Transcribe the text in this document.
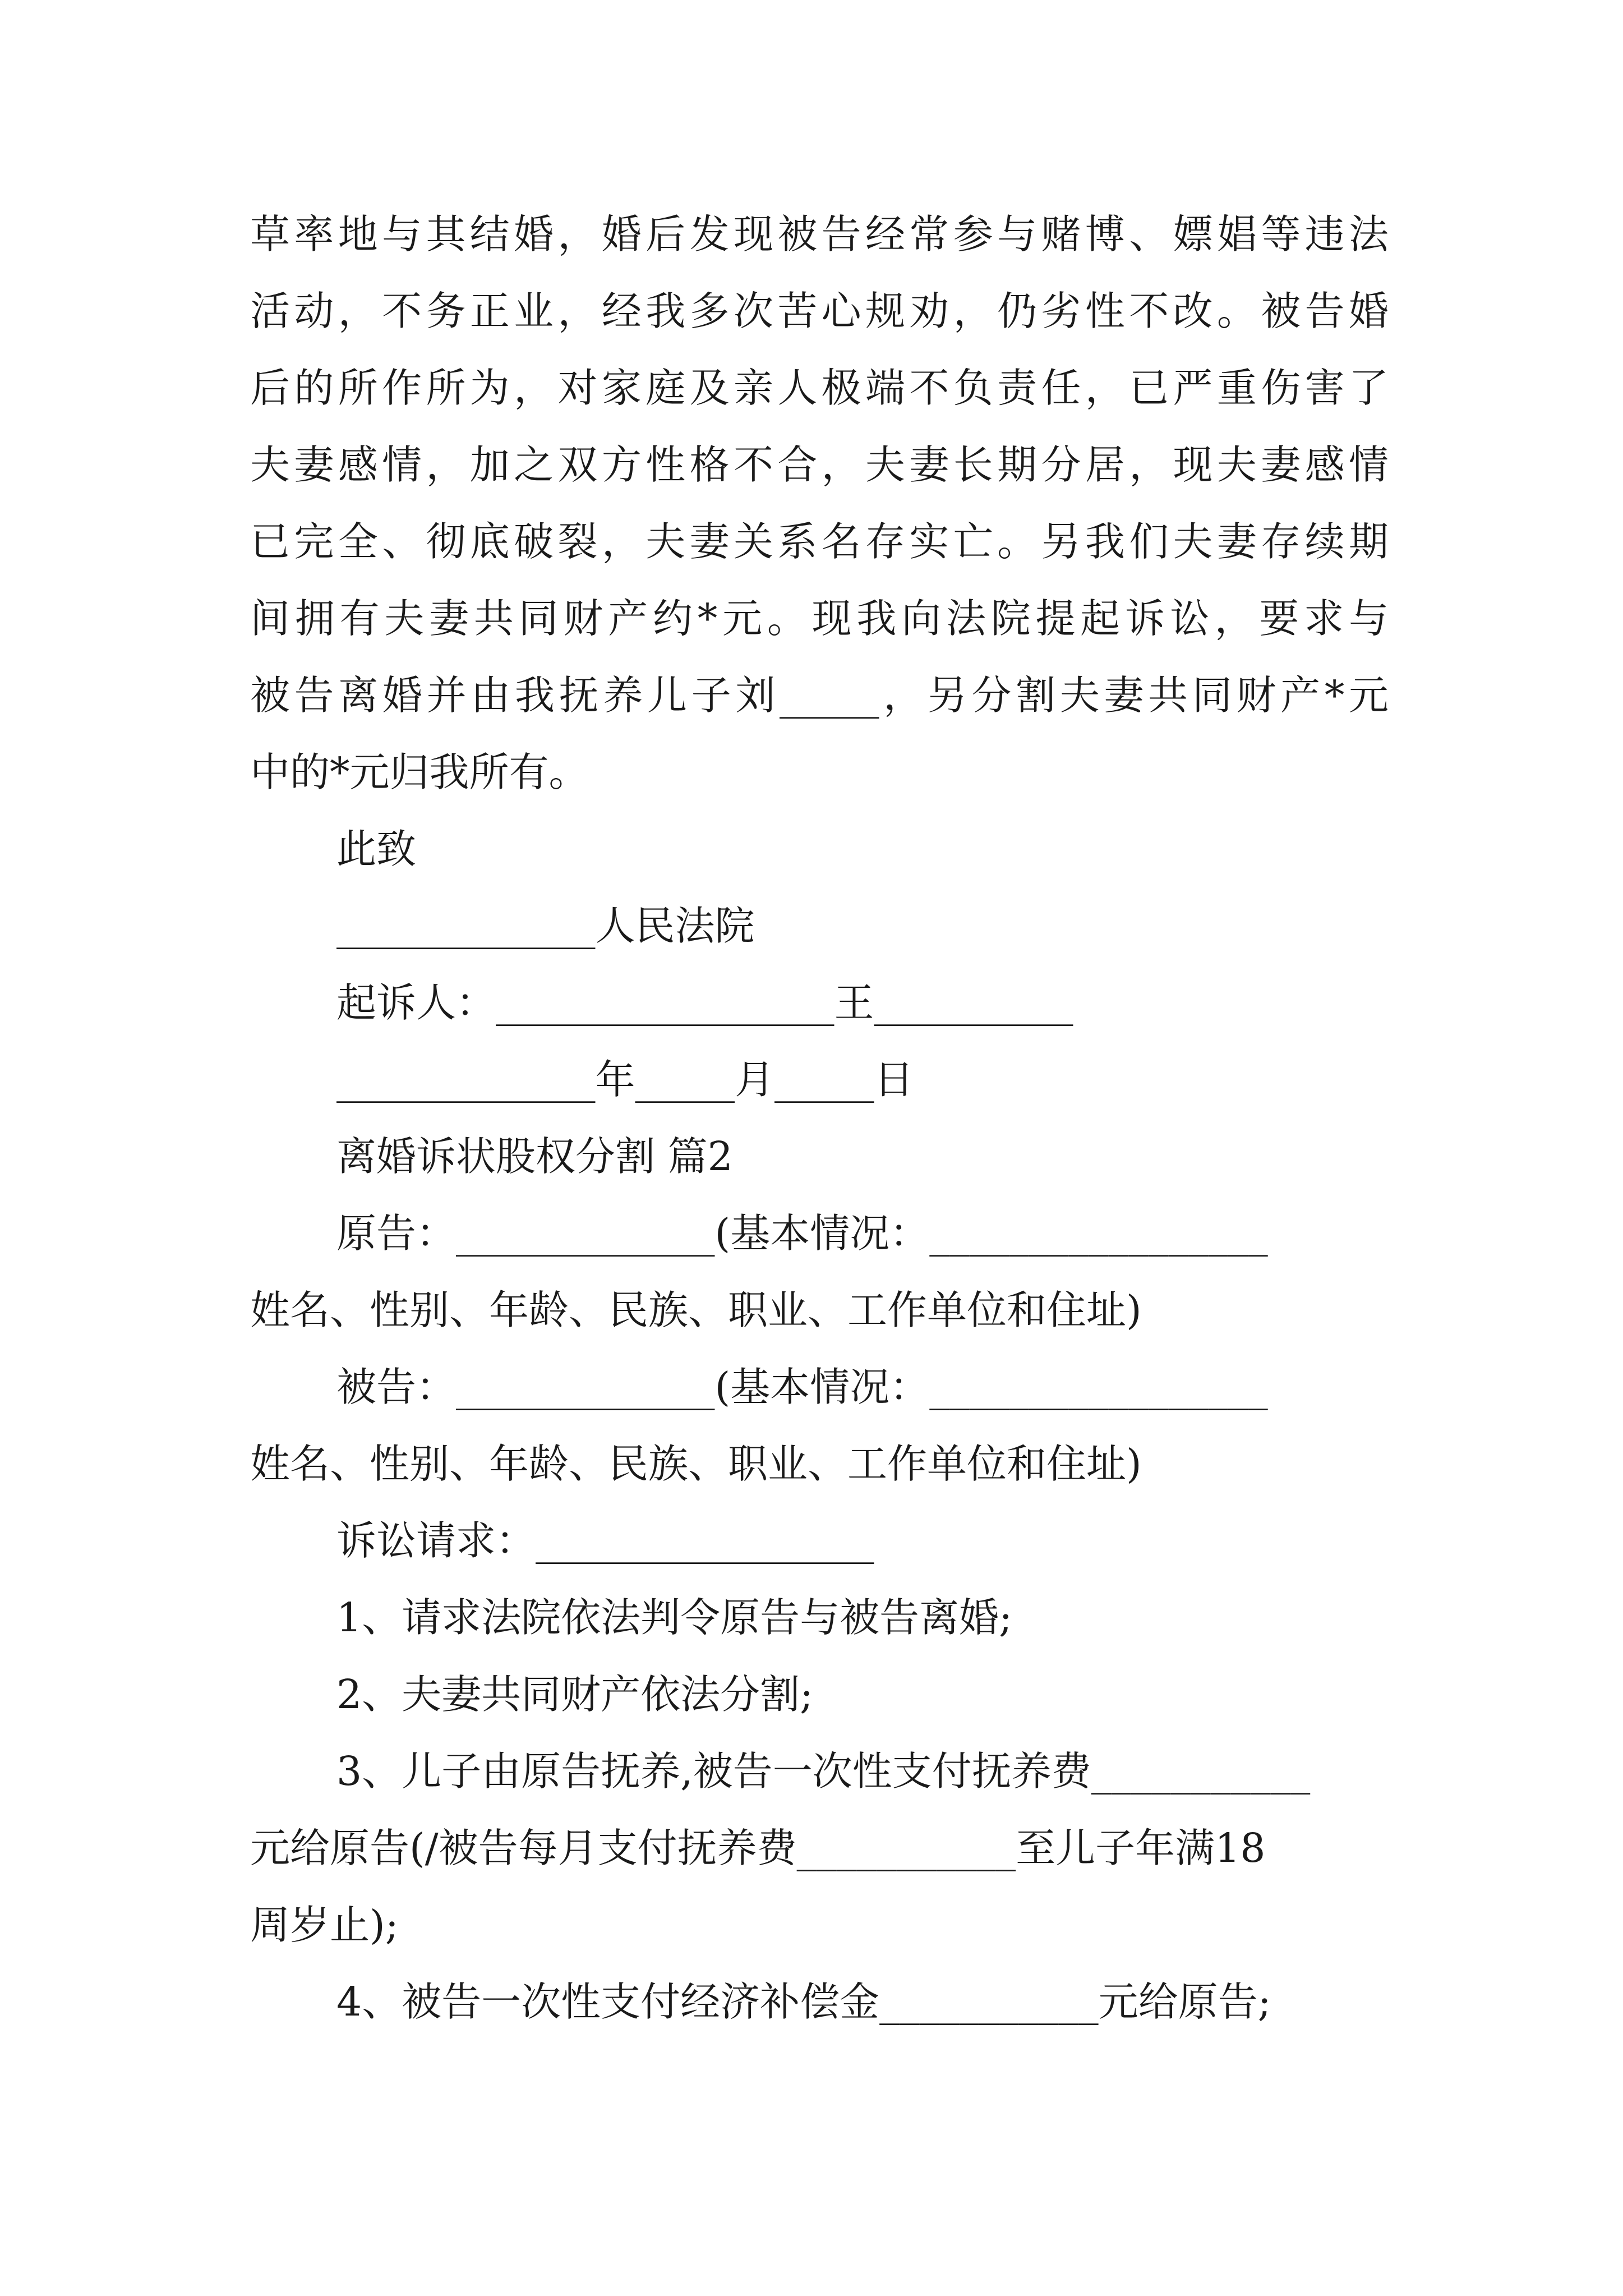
草率地与其结婚，婚后发现被告经常参与赌博、嫖娼等违法
活动，不务正业，经我多次苦心规劝，仍劣性不改。被告婚
后的所作所为，对家庭及亲人极端不负责任，已严重伤害了
夫妻感情，加之双方性格不合，夫妻长期分居，现夫妻感情
已完全、彻底破裂，夫妻关系名存实亡。另我们夫妻存续期
间拥有夫妻共同财产约*元。现我向法院提起诉讼，要求与
被告离婚并由我抚养儿子刘_____，另分割夫妻共同财产*元
中的*元归我所有。
此致
_____________人民法院
起诉人：_________________王__________
_____________年_____月_____日
离婚诉状股权分割 篇2
原告：_____________(基本情况：_________________
姓名、性别、年龄、民族、职业、工作单位和住址)
被告：_____________(基本情况：_________________
姓名、性别、年龄、民族、职业、工作单位和住址)
诉讼请求：_________________
1、请求法院依法判令原告与被告离婚;
2、夫妻共同财产依法分割;
3、儿子由原告抚养,被告一次性支付抚养费___________
元给原告(/被告每月支付抚养费___________至儿子年满18
周岁止);
4、被告一次性支付经济补偿金___________元给原告;
